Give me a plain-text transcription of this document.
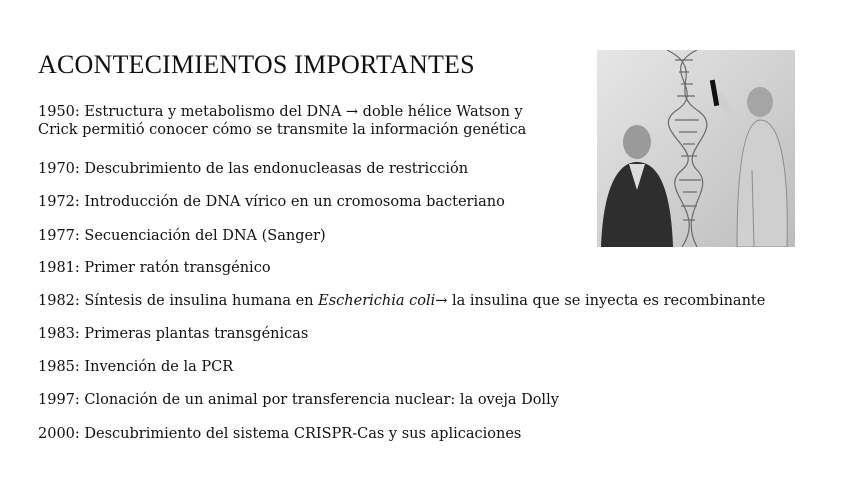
ACONTECIMIENTOS IMPORTANTES
1950: Estructura y metabolismo del DNA → doble hélice Watson y Crick permitió conocer cómo se transmite la información genética
1970: Descubrimiento de las endonucleasas de restricción
1972: Introducción de DNA vírico en un cromosoma bacteriano
1977: Secuenciación del DNA (Sanger)
1981: Primer ratón transgénico
1982: Síntesis de insulina humana en Escherichia coli→ la insulina que se inyecta es recombinante
1983: Primeras plantas transgénicas
1985: Invención de la PCR
1997: Clonación de un animal por transferencia nuclear: la oveja Dolly
2000: Descubrimiento del sistema CRISPR-Cas y sus aplicaciones
